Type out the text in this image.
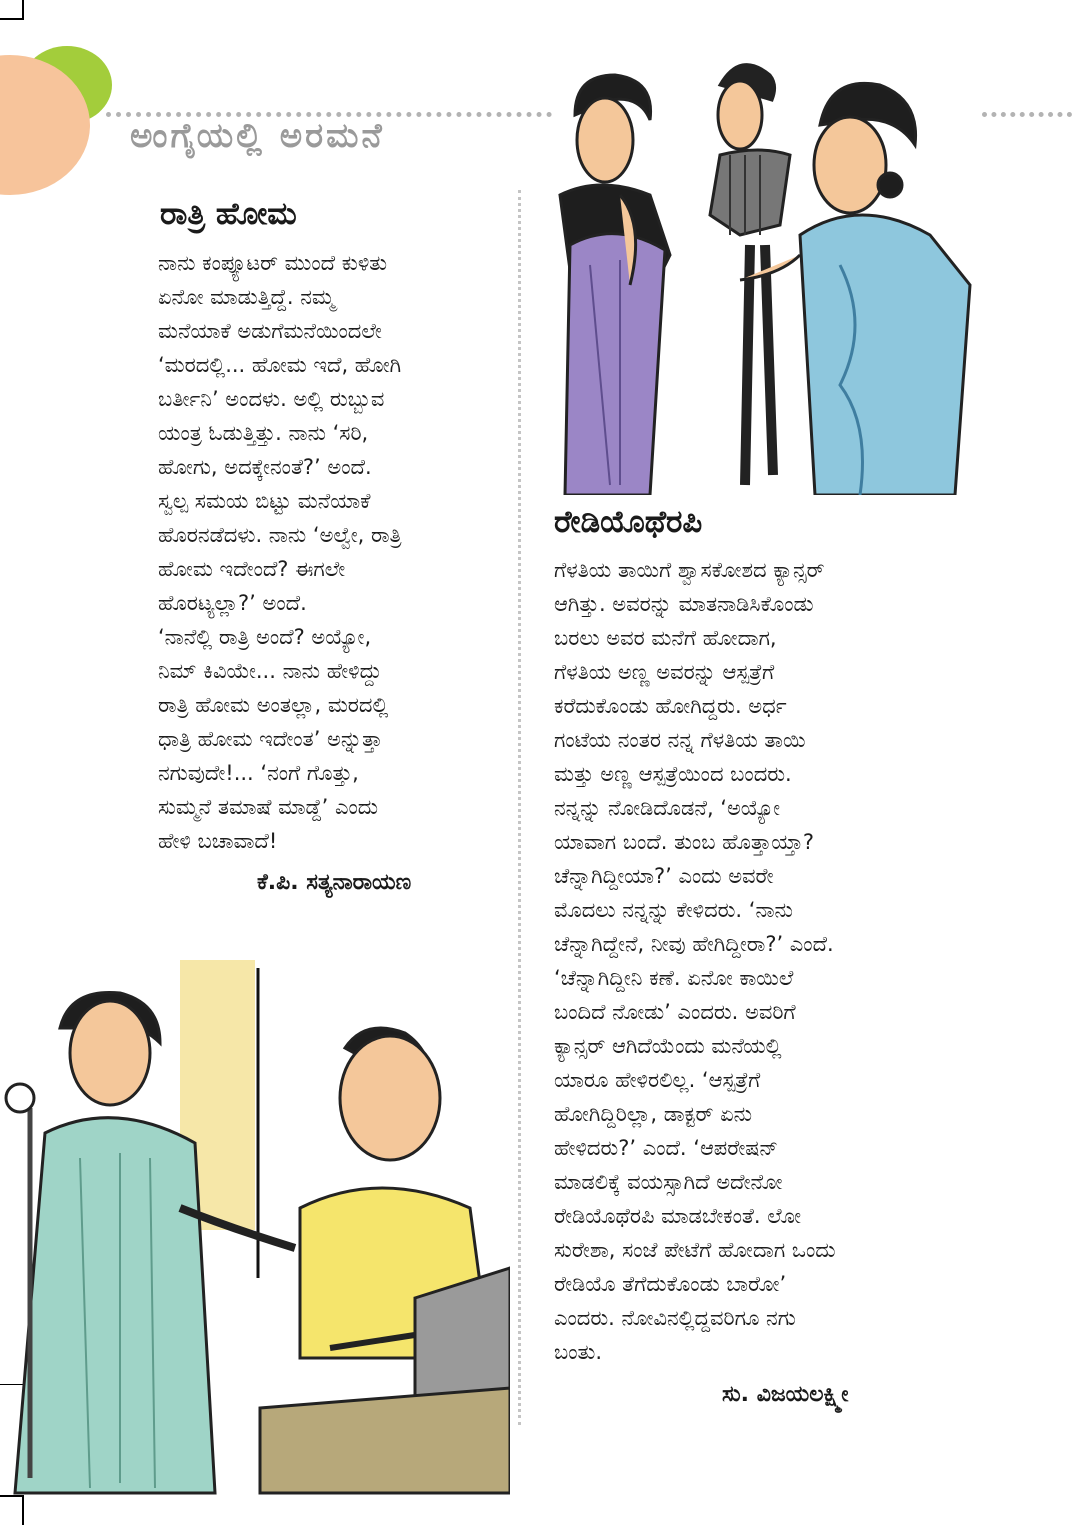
ಅಂಗೈಯಲ್ಲಿ ಅರಮನೆ
ರಾತ್ರಿ ಹೋಮ
ನಾನು ಕಂಪ್ಯೂಟರ್ ಮುಂದೆ ಕುಳಿತು
ಏನೋ ಮಾಡುತ್ತಿದ್ದೆ. ನಮ್ಮ
ಮನೆಯಾಕೆ ಅಡುಗೆಮನೆಯಿಂದಲೇ
‘ಮರದಲ್ಲಿ... ಹೋಮ ಇದೆ, ಹೋಗಿ
ಬರ್ತೀನಿ’ ಅಂದಳು. ಅಲ್ಲಿ ರುಬ್ಬುವ
ಯಂತ್ರ ಓಡುತ್ತಿತ್ತು. ನಾನು ‘ಸರಿ,
ಹೋಗು, ಅದಕ್ಕೇನಂತೆ?’ ಅಂದೆ.
ಸ್ವಲ್ಪ ಸಮಯ ಬಿಟ್ಟು ಮನೆಯಾಕೆ
ಹೊರನಡೆದಳು. ನಾನು ‘ಅಲ್ವೇ, ರಾತ್ರಿ
ಹೋಮ ಇದೇಂದೆ? ಈಗಲೇ
ಹೊರಟ್ಯಲ್ಲಾ?’ ಅಂದೆ.
‘ನಾನೆಲ್ಲಿ ರಾತ್ರಿ ಅಂದೆ? ಅಯ್ಯೋ,
ನಿಮ್ ಕಿವಿಯೇ... ನಾನು ಹೇಳಿದ್ದು
ರಾತ್ರಿ ಹೋಮ ಅಂತಲ್ಲಾ, ಮರದಲ್ಲಿ
ಧಾತ್ರಿ ಹೋಮ ಇದೇಂತ’ ಅನ್ನುತ್ತಾ
ನಗುವುದೇ!... ‘ನಂಗೆ ಗೊತ್ತು,
ಸುಮ್ಮನೆ ತಮಾಷೆ ಮಾಡ್ದೆ’ ಎಂದು
ಹೇಳಿ ಬಚಾವಾದೆ!
ಕೆ.ಪಿ. ಸತ್ಯನಾರಾಯಣ
ರೇಡಿಯೊಥೆರಪಿ
ಗೆಳತಿಯ ತಾಯಿಗೆ ಶ್ವಾಸಕೋಶದ ಕ್ಯಾನ್ಸರ್
ಆಗಿತ್ತು. ಅವರನ್ನು ಮಾತನಾಡಿಸಿಕೊಂಡು
ಬರಲು ಅವರ ಮನೆಗೆ ಹೋದಾಗ,
ಗೆಳತಿಯ ಅಣ್ಣ ಅವರನ್ನು ಆಸ್ಪತ್ರೆಗೆ
ಕರೆದುಕೊಂಡು ಹೋಗಿದ್ದರು. ಅರ್ಧ
ಗಂಟೆಯ ನಂತರ ನನ್ನ ಗೆಳತಿಯ ತಾಯಿ
ಮತ್ತು ಅಣ್ಣ ಆಸ್ಪತ್ರೆಯಿಂದ ಬಂದರು.
ನನ್ನನ್ನು ನೋಡಿದೊಡನೆ, ‘ಅಯ್ಯೋ
ಯಾವಾಗ ಬಂದೆ. ತುಂಬ ಹೊತ್ತಾಯ್ತಾ?
ಚೆನ್ನಾಗಿದ್ದೀಯಾ?’ ಎಂದು ಅವರೇ
ಮೊದಲು ನನ್ನನ್ನು ಕೇಳಿದರು. ‘ನಾನು
ಚೆನ್ನಾಗಿದ್ದೇನೆ, ನೀವು ಹೇಗಿದ್ದೀರಾ?’ ಎಂದೆ.
‘ಚೆನ್ನಾಗಿದ್ದೀನಿ ಕಣೆ. ಏನೋ ಕಾಯಿಲೆ
ಬಂದಿದೆ ನೋಡು’ ಎಂದರು. ಅವರಿಗೆ
ಕ್ಯಾನ್ಸರ್ ಆಗಿದೆಯೆಂದು ಮನೆಯಲ್ಲಿ
ಯಾರೂ ಹೇಳಿರಲಿಲ್ಲ. ‘ಆಸ್ಪತ್ರೆಗೆ
ಹೋಗಿದ್ದಿರಿಲ್ಲಾ, ಡಾಕ್ಟರ್ ಏನು
ಹೇಳಿದರು?’ ಎಂದೆ. ‘ಆಪರೇಷನ್
ಮಾಡಲಿಕ್ಕೆ ವಯಸ್ಸಾಗಿದೆ ಅದೇನೋ
ರೇಡಿಯೊಥೆರಪಿ ಮಾಡಬೇಕಂತೆ. ಲೋ
ಸುರೇಶಾ, ಸಂಜೆ ಪೇಟೆಗೆ ಹೋದಾಗ ಒಂದು
ರೇಡಿಯೊ ತೆಗೆದುಕೊಂಡು ಬಾರೋ’
ಎಂದರು. ನೋವಿನಲ್ಲಿದ್ದವರಿಗೂ ನಗು
ಬಂತು.
ಸು. ವಿಜಯಲಕ್ಷ್ಮೀ
